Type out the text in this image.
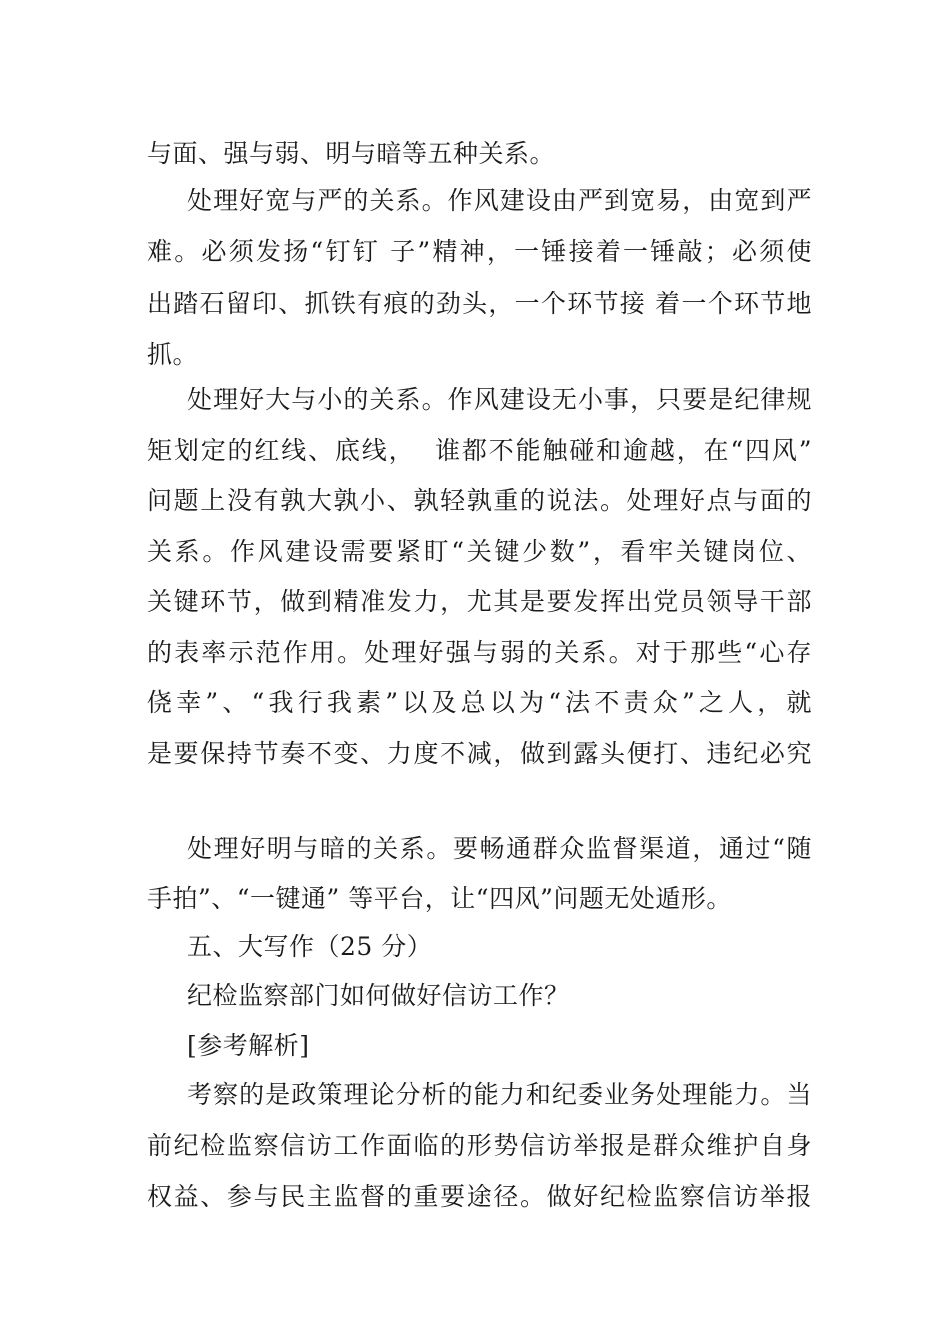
与面、强与弱、明与暗等五种关系。
处理好宽与严的关系。作风建设由严到宽易，由宽到严
难。必须发扬“钉钉 子”精神，一锤接着一锤敲；必须使
出踏石留印、抓铁有痕的劲头，一个环节接 着一个环节地
抓。
处理好大与小的关系。作风建设无小事，只要是纪律规
矩划定的红线、底线，  谁都不能触碰和逾越，在“四风”
问题上没有孰大孰小、孰轻孰重的说法。处理好点与面的
关系。作风建设需要紧盯“关键少数”，看牢关键岗位、
关键环节，做到精准发力，尤其是要发挥出党员领导干部
的表率示范作用。处理好强与弱的关系。对于那些“心存
侥幸”、“我行我素”以及总以为“法不责众”之人，就
是要保持节奏不变、力度不减，做到露头便打、违纪必究
处理好明与暗的关系。要畅通群众监督渠道，通过“随
手拍”、“一键通” 等平台，让“四风”问题无处遁形。
五、大写作（25 分）
纪检监察部门如何做好信访工作？
[参考解析]
考察的是政策理论分析的能力和纪委业务处理能力。当
前纪检监察信访工作面临的形势信访举报是群众维护自身
权益、参与民主监督的重要途径。做好纪检监察信访举报
